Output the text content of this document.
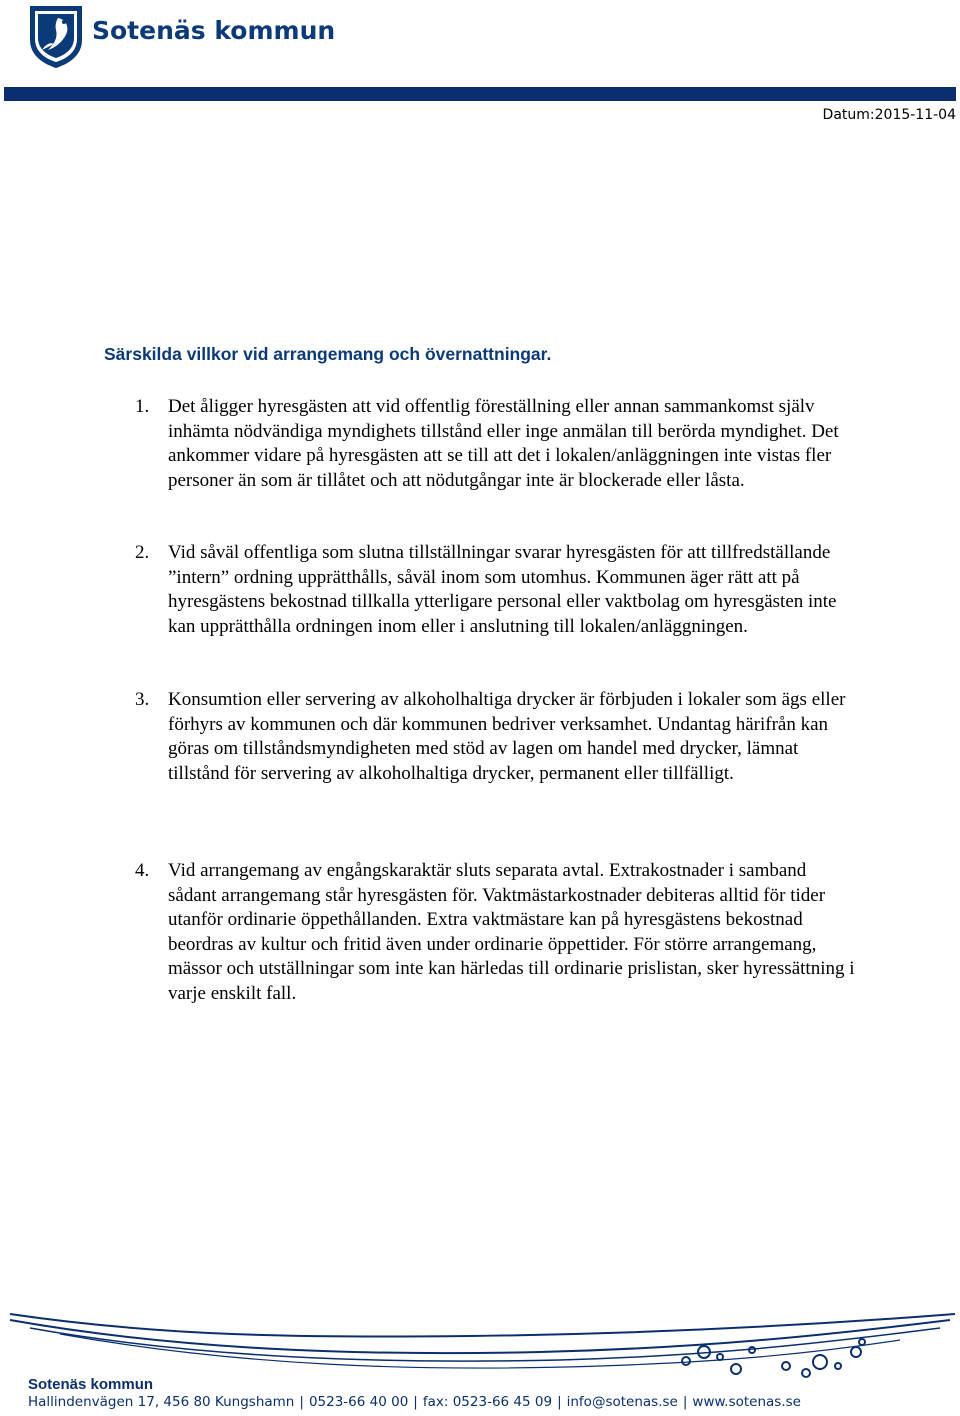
Sotenäs kommun
Datum:2015-11-04
Särskilda villkor vid arrangemang och övernattningar.
1. Det åligger hyresgästen att vid offentlig föreställning eller annan sammankomst själv inhämta nödvändiga myndighets tillstånd eller inge anmälan till berörda myndighet. Det ankommer vidare på hyresgästen att se till att det i lokalen/anläggningen inte vistas fler personer än som är tillåtet och att nödutgångar inte är blockerade eller låsta.
2. Vid såväl offentliga som slutna tillställningar svarar hyresgästen för att tillfredställande ”intern” ordning upprätthålls, såväl inom som utomhus. Kommunen äger rätt att på hyresgästens bekostnad tillkalla ytterligare personal eller vaktbolag om hyresgästen inte kan upprätthålla ordningen inom eller i anslutning till lokalen/anläggningen.
3. Konsumtion eller servering av alkoholhaltiga drycker är förbjuden i lokaler som ägs eller förhyrs av kommunen och där kommunen bedriver verksamhet. Undantag härifrån kan göras om tillståndsmyndigheten med stöd av lagen om handel med drycker, lämnat tillstånd för servering av alkoholhaltiga drycker, permanent eller tillfälligt.
4. Vid arrangemang av engångskaraktär sluts separata avtal. Extrakostnader i samband sådant arrangemang står hyresgästen för. Vaktmästarkostnader debiteras alltid för tider utanför ordinarie öppethållanden. Extra vaktmästare kan på hyresgästens bekostnad beordras av kultur och fritid även under ordinarie öppettider. För större arrangemang, mässor och utställningar som inte kan härledas till ordinarie prislistan, sker hyressättning i varje enskilt fall.
Sotenäs kommun
Hallindenvägen 17, 456 80 Kungshamn | 0523-66 40 00 | fax: 0523-66 45 09 | info@sotenas.se | www.sotenas.se
